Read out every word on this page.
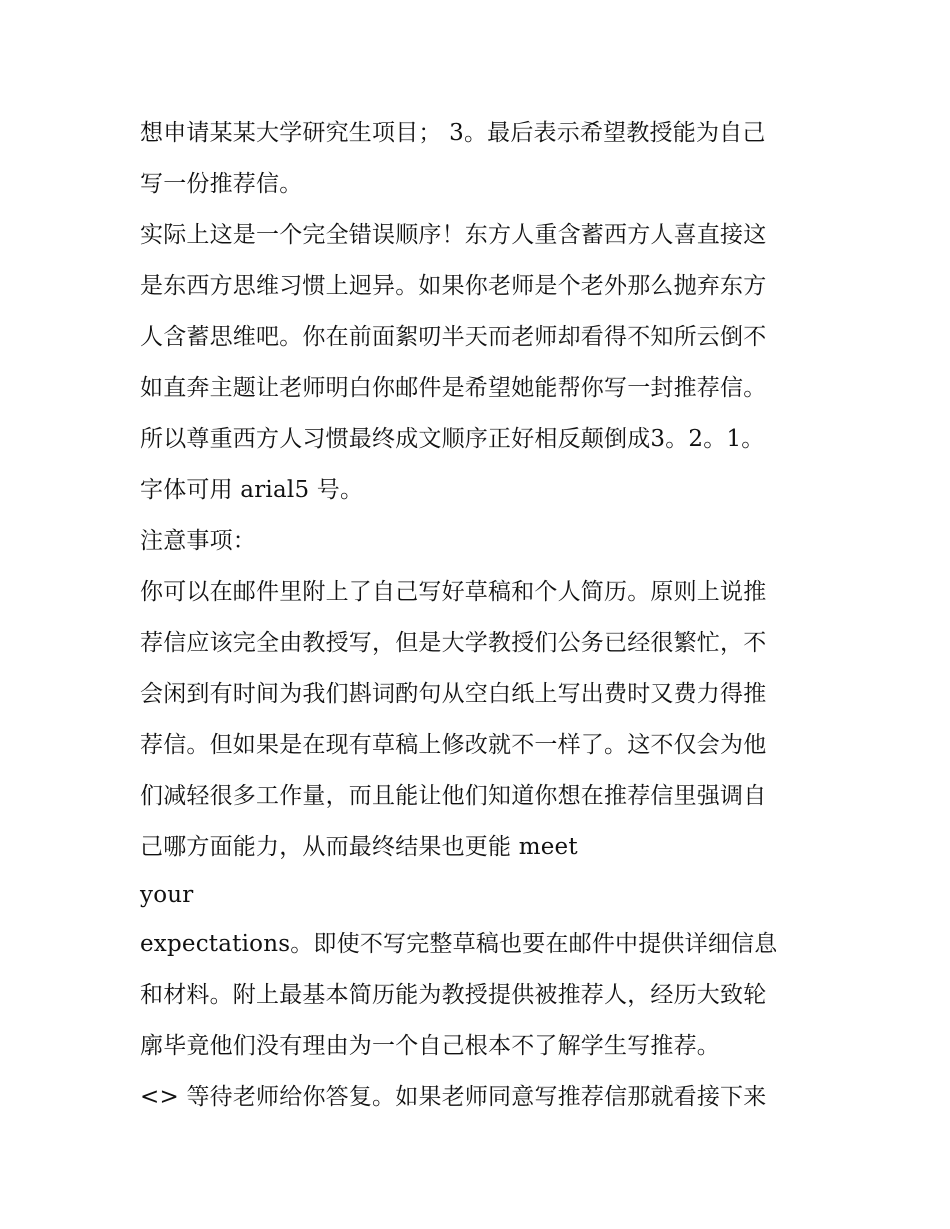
想申请某某大学研究生项目； 3。最后表示希望教授能为自己
写一份推荐信。
实际上这是一个完全错误顺序！东方人重含蓄西方人喜直接这
是东西方思维习惯上迥异。如果你老师是个老外那么抛弃东方
人含蓄思维吧。你在前面絮叨半天而老师却看得不知所云倒不
如直奔主题让老师明白你邮件是希望她能帮你写一封推荐信。
所以尊重西方人习惯最终成文顺序正好相反颠倒成3。2。1。
字体可用 arial5 号。
注意事项：
你可以在邮件里附上了自己写好草稿和个人简历。原则上说推
荐信应该完全由教授写，但是大学教授们公务已经很繁忙，不
会闲到有时间为我们斟词酌句从空白纸上写出费时又费力得推
荐信。但如果是在现有草稿上修改就不一样了。这不仅会为他
们减轻很多工作量，而且能让他们知道你想在推荐信里强调自
己哪方面能力，从而最终结果也更能 meet
your
expectations。即使不写完整草稿也要在邮件中提供详细信息
和材料。附上最基本简历能为教授提供被推荐人，经历大致轮
廓毕竟他们没有理由为一个自己根本不了解学生写推荐。
<> 等待老师给你答复。如果老师同意写推荐信那就看接下来
